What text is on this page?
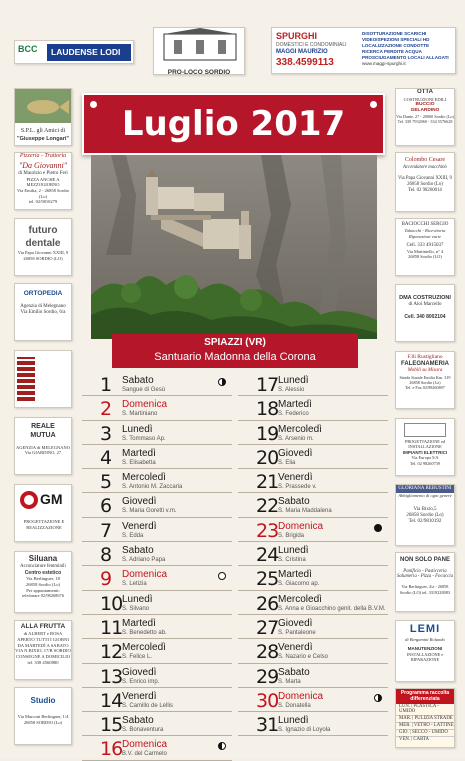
BCC	LAUDENSE LODI
PRO-LOCO SORDIO
SPURGHI
DOMESTICI E CONDOMINIALI
MAGGI MAURIZIO
338.4599113
DISOTTURAZIONE SCARICHI
VIDEOISPEZIONI SPECIALI HD
LOCALIZZAZIONE CONDOTTE
RICERCA PERDITE ACQUA
PROSCIUGAMENTO LOCALI ALLAGATI
www.maggi-spurghi.it
S.P.L. gli Amici di
"Giuseppe Longari"
Pizzeria - Trattoria
"Da Giovanni"
di Maurizio e Pietro Feri
PIZZA ANCHE A MEZZOGIORNO
Via Emilia, 2 - 26858 Sordio (Lo)
tel. 02/9810279
futuro
dentale
Via Papa Giovanni XXIII, 9
26858 SORDIO (LO)
ORTOPEDIA
Agenzia di Melegnano
Via Emilio Sordio, 6/a
REALE
MUTUA
AGENZIA di MELEGNANO
Via GIARDINO, 27
GM
PROGETTAZIONE E REALIZZAZIONE
Siluana
Acconciature femminili
Centro estetico
Via Berlinguer, 18
26858 Sordio (Lo)
Per appuntamenti:
telefonare 02/98268676
ALLA FRUTTA
di ALBERT e ROSA
APERTO TUTTI I GIORNI
DA MARTEDÌ A SABATO
VIA N.BIXIO, 17/B SORDIO
CONSEGNE A DOMICILIO
tel. 338 4560880
Studio
Via Marconi Berlinguer, 1/4
26858 SORDIO (Lo)
OTTA
COSTRUZIONI EDILI
BUCCIO
GELARDINO
Via Dante, 27 - 20060 Sordio (Lo)
Tel. 339 7932060 - 334 5576628
Colombo Cesare
Accendatore macchinò
Via Papa Giovanni XXIII, 9
26858 Sordio (Lo)
Tel. 02 98260014
BACIOCCHI SERGIO
Tabacchi - Ricevitoria
Riparazioni varie
Cell. 333 4915037
Via Martiniello, n° 4
26858 Sordio (LO)
DMA COSTRUZIONI
di Aloi Marcello
Cell. 340 8002104
F.lli Rustigliano
FALEGNAMERIA
Mobili su Misura
Strada Statale Emilia Km. 319
26858 Sordio (Lo)
Tel. e Fax 02/98260697
PROGETTAZIONE ed INSTALLAZIONE
IMPIANTI ELETTRICI
Via Europa 5/A
Tel. 02 98260739
GLORIANA REBUSTINI
Abbigliamento di ogni genere
Via Bixio,5
26858 Sordio (Lo)
Tel. 02/9810192
NON SOLO PANE
Panificio - Pasticceria
Salumeria - Pizza - Focaccia
Via Berlinguer, 4/a - 26858
Sordio (LO) tel. 3319228083
LEMI
di Bergamini Rolando
MANUTENZIONI
INSTALLAZIONE e RIPARAZIONE
Programma raccolta differenziata
LUN. | PLASTICA - UMIDO
MAR. | PULIZIA STRADE
MER. | VETRO - LATTINE
GIO. | SECCO - UMIDO
VEN. | CARTA
Luglio 2017
SPIAZZI (VR)
Santuario Madonna della Corona
1 Sabato
Sangue di Gesù
2 Domenica
S. Martiniano
3 Lunedì
S. Tommaso Ap.
4 Martedì
S. Elisabetta
5 Mercoledì
S. Antonio M. Zaccaria
6 Giovedì
S. Maria Goretti v.m.
7 Venerdì
S. Edda
8 Sabato
S. Adriano Papa
9 Domenica
S. Letizia
10 Lunedì
S. Silvano
11 Martedì
S. Benedetto ab.
12 Mercoledì
S. Felice L.
13 Giovedì
S. Enrico imp.
14 Venerdì
S. Camillo de Lellis
15 Sabato
S. Bonaventura
16 Domenica
B.V. del Carmelo
17 Lunedì
S. Alessio
18 Martedì
S. Federico
19 Mercoledì
S. Arsenio m.
20 Giovedì
S. Elia
21 Venerdì
S. Prassede v.
22 Sabato
S. Maria Maddalena
23 Domenica
S. Brigida
24 Lunedì
S. Cristina
25 Martedì
S. Giacomo ap.
26 Mercoledì
S. Anna e Gioacchino genit. della B.V.M.
27 Giovedì
S. Pantaleone
28 Venerdì
S. Nazario e Celso
29 Sabato
S. Marta
30 Domenica
S. Donatella
31 Lunedì
S. Ignazio di Loyola
